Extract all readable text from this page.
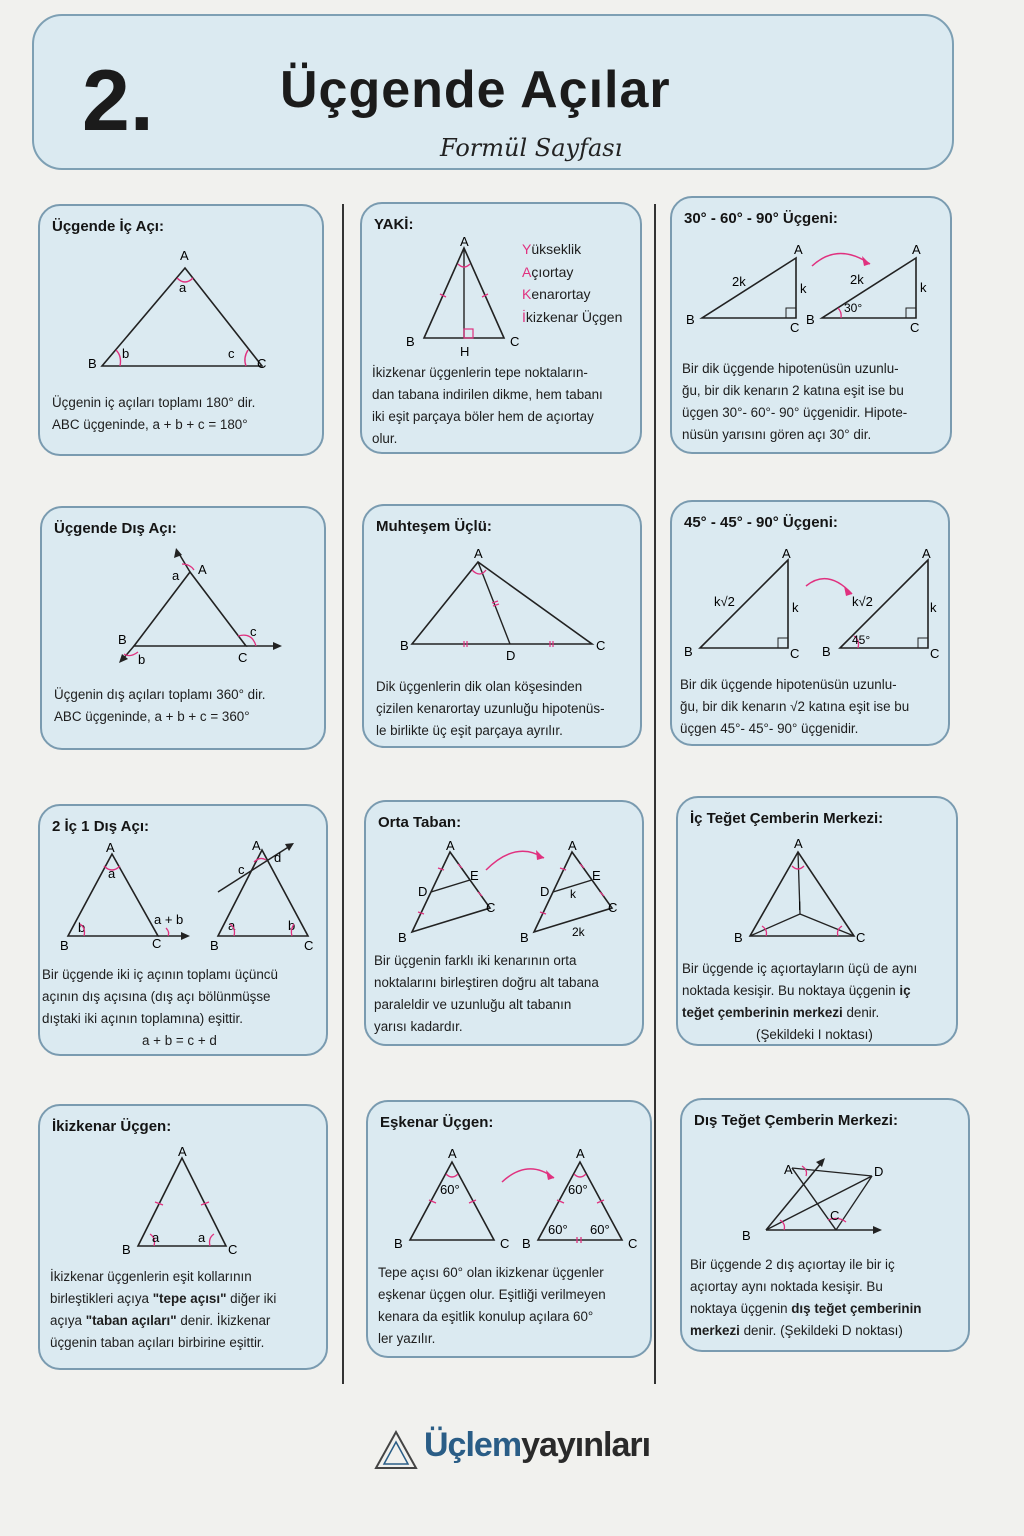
2. Üçgende Açılar
Formül Sayfası
Üçgende İç Açı:
A
a
B
b	c
C
Üçgenin iç açıları toplamı 180° dir.
ABC üçgeninde, a + b + c = 180°
YAKİ:
A
B	C
H
Yükseklik
Açıortay
Kenarortay
İkizkenar Üçgen
İkizkenar üçgenlerin tepe noktaların-
dan tabana indirilen dikme, hem tabanı
iki eşit parçaya böler hem de açıortay
olur.
30° - 60° - 90° Üçgeni:
A
B
C
2k	k
A
B
C
2k
k
30°
Bir dik üçgende hipotenüsün uzunlu-
ğu, bir dik kenarın 2 katına eşit ise bu
üçgen 30°- 60°- 90° üçgenidir. Hipote-
nüsün yarısını gören açı 30° dir.
Üçgende Dış Açı:
A
a
B
b	C
c
Üçgenin dış açıları toplamı 360° dir.
ABC üçgeninde, a + b + c = 360°
Muhteşem Üçlü:
A
B	C
D
Dik üçgenlerin dik olan köşesinden
çizilen kenarortay uzunluğu hipotenüs-
le birlikte üç eşit parçaya ayrılır.
45° - 45° - 90° Üçgeni:
A
B	C
k√2	k
A
B	C
k√2	k
45°
Bir dik üçgende hipotenüsün uzunlu-
ğu, bir dik kenarın √2 katına eşit ise bu
üçgen 45°- 45°- 90° üçgenidir.
2 İç 1 Dış Açı:
A
a
B
b
C
a + b
A
c
d
B
a
C
b
Bir üçgende iki iç açının toplamı üçüncü
açının dış açısına (dış açı bölünmüşse
dıştaki iki açının toplamına) eşittir.
a + b = c + d
Orta Taban:
A
D
E
B
C
A
D
E
k
B
C
2k
Bir üçgenin farklı iki kenarının orta
noktalarını birleştiren doğru alt tabana
paraleldir ve uzunluğu alt tabanın
yarısı kadardır.
İç Teğet Çemberin Merkezi:
A
B	C
I
Bir üçgende iç açıortayların üçü de aynı
noktada kesişir. Bu noktaya üçgenin iç
teğet çemberinin merkezi denir.
(Şekildeki I noktası)
İkizkenar Üçgen:
A
B	C
a	a
İkizkenar üçgenlerin eşit kollarının
birleştikleri açıya "tepe açısı" diğer iki
açıya "taban açıları" denir. İkizkenar
üçgenin taban açıları birbirine eşittir.
Eşkenar Üçgen:
A
60°
B	C
A
60°
60° 60°
B	C
Tepe açısı 60° olan ikizkenar üçgenler
eşkenar üçgen olur. Eşitliği verilmeyen
kenara da eşitlik konulup açılara 60°
ler yazılır.
Dış Teğet Çemberin Merkezi:
A	D
B
C
Bir üçgende 2 dış açıortay ile bir iç
açıortay aynı noktada kesişir. Bu
noktaya üçgenin dış teğet çemberinin
merkezi denir. (Şekildeki D noktası)
Üçlemyayınları
